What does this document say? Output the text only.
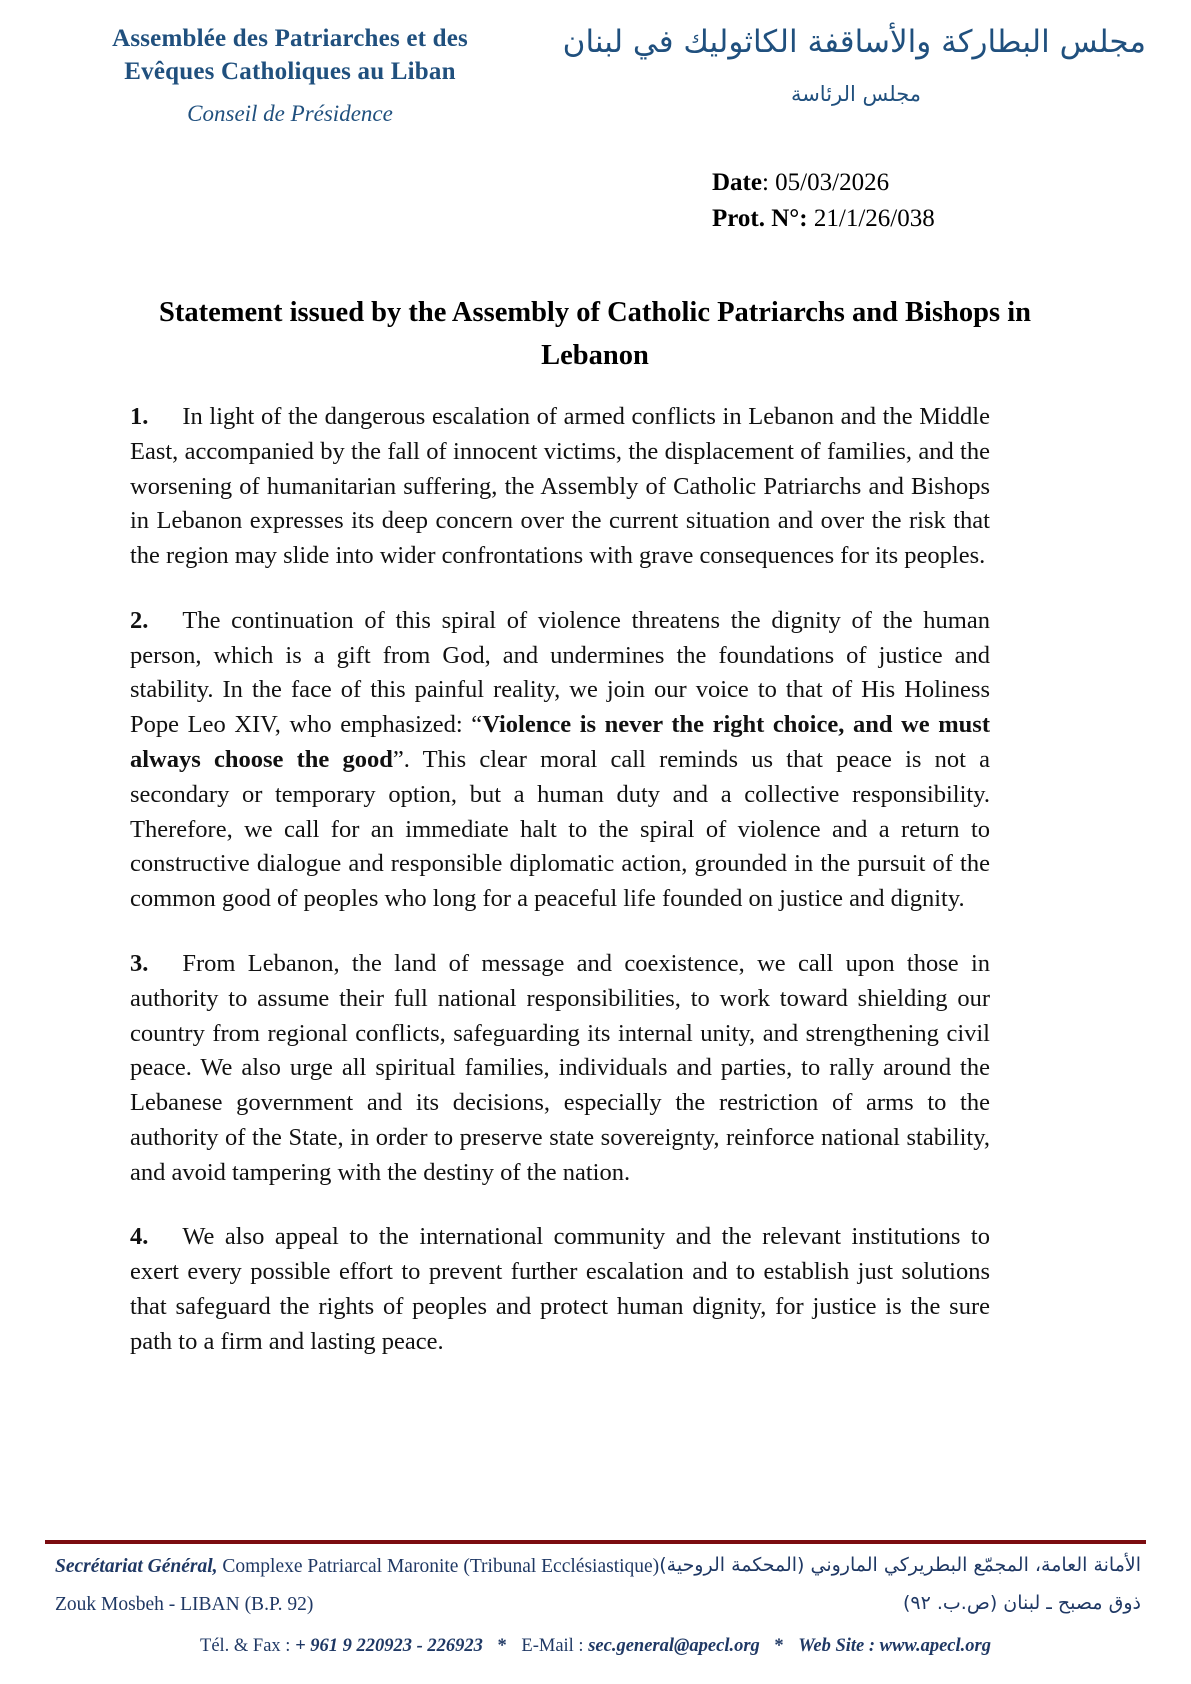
Assemblée des Patriarches et des
Evêques Catholiques au Liban
Conseil de Présidence
مجلس البطاركة والأساقفة الكاثوليك في لبنان
مجلس الرئاسة
Date: 05/03/2026
Prot. N°: 21/1/26/038
Statement issued by the Assembly of Catholic Patriarchs and Bishops in Lebanon

1. In light of the dangerous escalation of armed conflicts in Lebanon and the Middle East, accompanied by the fall of innocent victims, the displacement of families, and the worsening of humanitarian suffering, the Assembly of Catholic Patriarchs and Bishops in Lebanon expresses its deep concern over the current situation and over the risk that the region may slide into wider confrontations with grave consequences for its peoples.

2. The continuation of this spiral of violence threatens the dignity of the human person, which is a gift from God, and undermines the foundations of justice and stability. In the face of this painful reality, we join our voice to that of His Holiness Pope Leo XIV, who emphasized: “Violence is never the right choice, and we must always choose the good”. This clear moral call reminds us that peace is not a secondary or temporary option, but a human duty and a collective responsibility. Therefore, we call for an immediate halt to the spiral of violence and a return to constructive dialogue and responsible diplomatic action, grounded in the pursuit of the common good of peoples who long for a peaceful life founded on justice and dignity.

3. From Lebanon, the land of message and coexistence, we call upon those in authority to assume their full national responsibilities, to work toward shielding our country from regional conflicts, safeguarding its internal unity, and strengthening civil peace. We also urge all spiritual families, individuals and parties, to rally around the Lebanese government and its decisions, especially the restriction of arms to the authority of the State, in order to preserve state sovereignty, reinforce national stability, and avoid tampering with the destiny of the nation.

4. We also appeal to the international community and the relevant institutions to exert every possible effort to prevent further escalation and to establish just solutions that safeguard the rights of peoples and protect human dignity, for justice is the sure path to a firm and lasting peace.

Secrétariat Général, Complexe Patriarcal Maronite (Tribunal Ecclésiastique) الأمانة العامة، المجمّع البطريركي الماروني (المحكمة الروحية)
Zouk Mosbeh - LIBAN (B.P. 92)	ذوق مصبح ـ لبنان (ص.ب. ٩٢)
Tél. & Fax : + 961 9 220923 - 226923 * E-Mail : sec.general@apecl.org * Web Site : www.apecl.org
